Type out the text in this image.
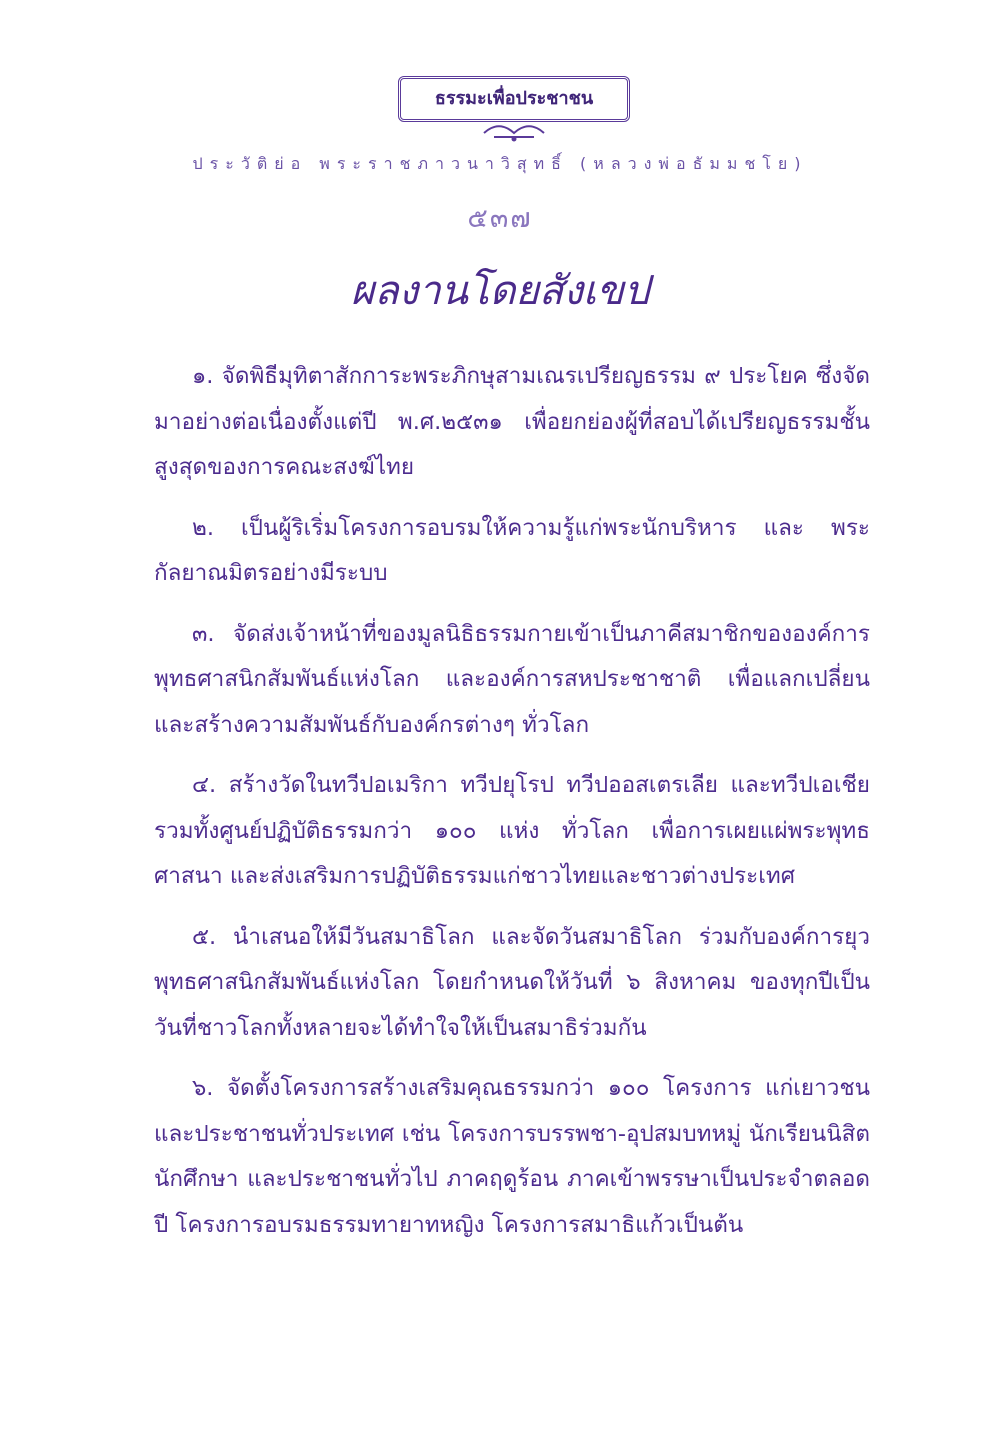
ธรรมะเพื่อประชาชน
ประวัติย่อ พระราชภาวนาวิสุทธิ์ (หลวงพ่อธัมมชโย)
๕๓๗
ผลงานโดยสังเขป

๑. จัดพิธีมุทิตาสักการะพระภิกษุสามเณรเปรียญธรรม ๙ ประโยค ซึ่งจัดมาอย่างต่อเนื่องตั้งแต่ปี พ.ศ.๒๕๓๑ เพื่อยกย่องผู้ที่สอบได้เปรียญธรรมชั้นสูงสุดของการคณะสงฆ์ไทย

๒. เป็นผู้ริเริ่มโครงการอบรมให้ความรู้แก่พระนักบริหาร และ พระกัลยาณมิตรอย่างมีระบบ

๓. จัดส่งเจ้าหน้าที่ของมูลนิธิธรรมกายเข้าเป็นภาคีสมาชิกขององค์การพุทธศาสนิกสัมพันธ์แห่งโลก และองค์การสหประชาชาติ เพื่อแลกเปลี่ยนและสร้างความสัมพันธ์กับองค์กรต่างๆ ทั่วโลก

๔. สร้างวัดในทวีปอเมริกา ทวีปยุโรป ทวีปออสเตรเลีย และทวีปเอเชีย รวมทั้งศูนย์ปฏิบัติธรรมกว่า ๑๐๐ แห่ง ทั่วโลก เพื่อการเผยแผ่พระพุทธศาสนา และส่งเสริมการปฏิบัติธรรมแก่ชาวไทยและชาวต่างประเทศ

๕. นำเสนอให้มีวันสมาธิโลก และจัดวันสมาธิโลก ร่วมกับองค์การยุวพุทธศาสนิกสัมพันธ์แห่งโลก โดยกำหนดให้วันที่ ๖ สิงหาคม ของทุกปีเป็นวันที่ชาวโลกทั้งหลายจะได้ทำใจให้เป็นสมาธิร่วมกัน

๖. จัดตั้งโครงการสร้างเสริมคุณธรรมกว่า ๑๐๐ โครงการ แก่เยาวชนและประชาชนทั่วประเทศ เช่น โครงการบรรพชา-อุปสมบทหมู่ นักเรียนนิสิต นักศึกษา และประชาชนทั่วไป ภาคฤดูร้อน ภาคเข้าพรรษาเป็นประจำตลอดปี โครงการอบรมธรรมทายาทหญิง โครงการสมาธิแก้วเป็นต้น
